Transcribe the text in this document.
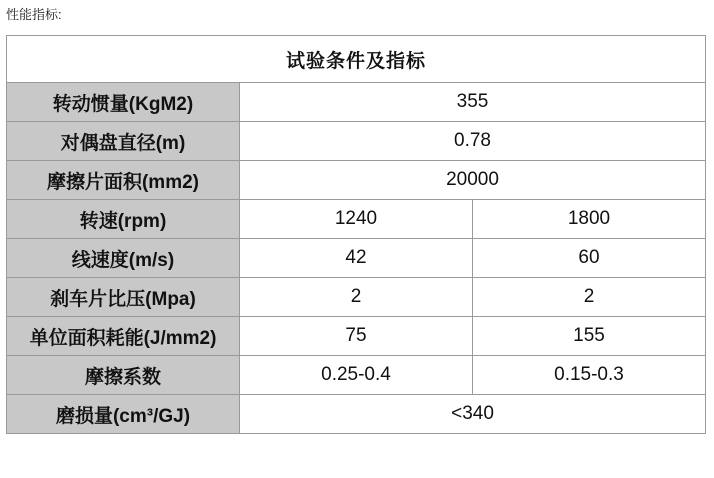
性能指标:
试验条件及指标		
转动惯量(KgM2)	355	
对偶盘直径(m)	0.78	
摩擦片面积(mm2)	20000	
转速(rpm)	1240	1800
线速度(m/s)	42	60
刹车片比压(Mpa)	2	2
单位面积耗能(J/mm2)	75	155
摩擦系数	0.25-0.4	0.15-0.3
磨损量(cm³/GJ)	<340	
